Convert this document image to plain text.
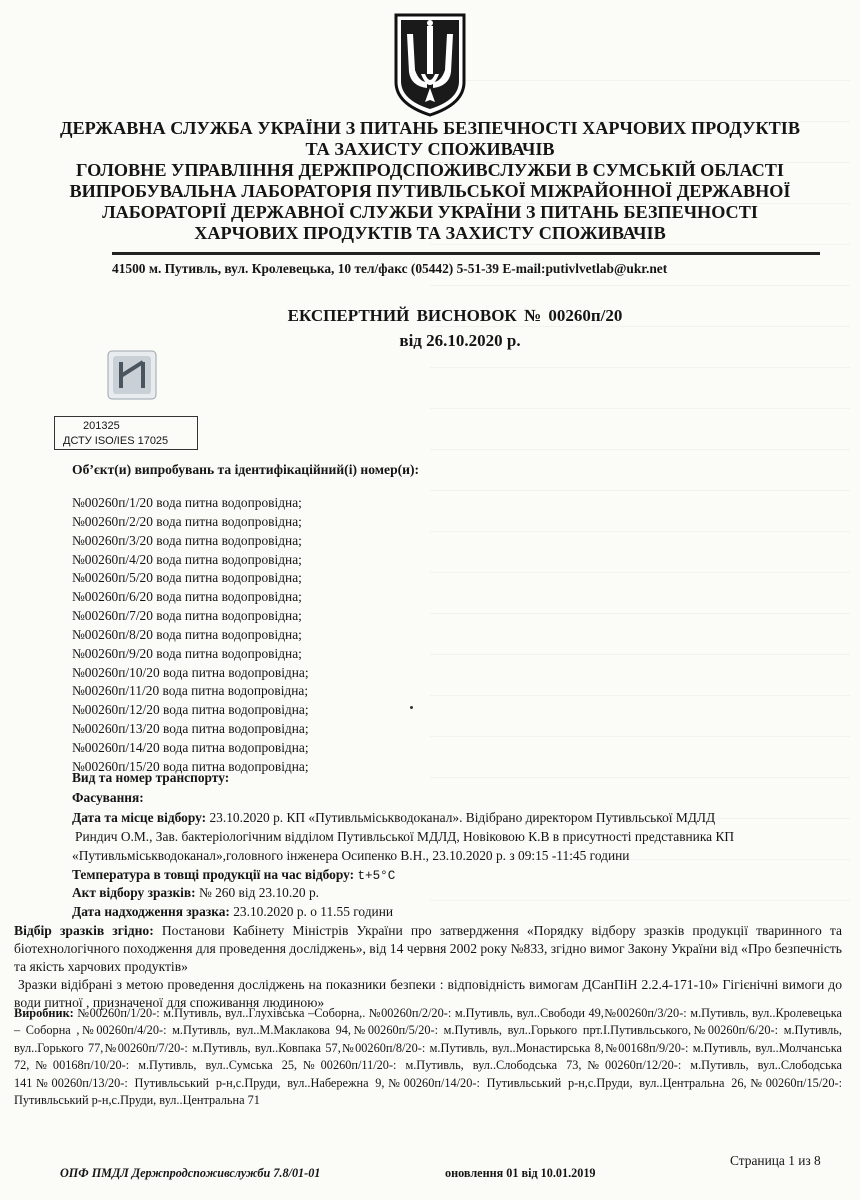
ДЕРЖАВНА СЛУЖБА УКРАЇНИ З ПИТАНЬ БЕЗПЕЧНОСТІ ХАРЧОВИХ ПРОДУКТІВ
ТА ЗАХИСТУ СПОЖИВАЧІВ
ГОЛОВНЕ УПРАВЛІННЯ ДЕРЖПРОДСПОЖИВСЛУЖБИ В СУМСЬКІЙ ОБЛАСТІ
ВИПРОБУВАЛЬНА ЛАБОРАТОРІЯ ПУТИВЛЬСЬКОЇ МІЖРАЙОННОЇ ДЕРЖАВНОЇ
ЛАБОРАТОРІЇ ДЕРЖАВНОЇ СЛУЖБИ УКРАЇНИ З ПИТАНЬ БЕЗПЕЧНОСТІ
ХАРЧОВИХ ПРОДУКТІВ ТА ЗАХИСТУ СПОЖИВАЧІВ
41500 м. Путивль, вул. Кролевецька, 10 тел/факс (05442) 5-51-39 E-mail:putivlvetlab@ukr.net
ЕКСПЕРТНИЙ ВИСНОВОК № 00260п/20
від 26.10.2020 р.
201325
ДСТУ ISO/IES 17025
Об’єкт(и) випробувань та ідентифікаційний(і) номер(и):
№00260п/1/20 вода питна водопровідна;
№00260п/2/20 вода питна водопровідна;
№00260п/3/20 вода питна водопровідна;
№00260п/4/20 вода питна водопровідна;
№00260п/5/20 вода питна водопровідна;
№00260п/6/20 вода питна водопровідна;
№00260п/7/20 вода питна водопровідна;
№00260п/8/20 вода питна водопровідна;
№00260п/9/20 вода питна водопровідна;
№00260п/10/20 вода питна водопровідна;
№00260п/11/20 вода питна водопровідна;
№00260п/12/20 вода питна водопровідна;
№00260п/13/20 вода питна водопровідна;
№00260п/14/20 вода питна водопровідна;
№00260п/15/20 вода питна водопровідна;
Вид та номер транспорту:
Фасування:
Дата та місце відбору: 23.10.2020 р. КП «Путивльміськводоканал». Відібрано директором Путивльської МДЛД
Риндич О.М., Зав. бактеріологічним відділом Путивльської МДЛД, Новіковою К.В в присутності представника КП
«Путивльміськводоканал»,головного інженера Осипенко В.Н., 23.10.2020 р. з 09:15 -11:45 години
Температура в товщі продукції на час відбору: t+5°C
Акт відбору зразків: № 260 від 23.10.20 р.
Дата надходження зразка: 23.10.2020 р. о 11.55 години
Відбір зразків згідно: Постанови Кабінету Міністрів України про затвердження «Порядку відбору зразків продукції тваринного та біотехнологічного походження для проведення досліджень», від 14 червня 2002 року №833, згідно вимог Закону України від «Про безпечність та якість харчових продуктів»
Зразки відібрані з метою проведення досліджень на показники безпеки : відповідність вимогам ДСанПіН 2.2.4-171-10» Гігієнічні вимоги до води питної , призначеної для споживання людиною»
Виробник: №00260п/1/20-: м.Путивль, вул..Глухівська –Соборна,. №00260п/2/20-: м.Путивль, вул..Свободи 49,№00260п/3/20-: м.Путивль, вул..Кролевецька – Соборна ,№00260п/4/20-: м.Путивль, вул..М.Маклакова 94,№00260п/5/20-: м.Путивль, вул..Горького прт.І.Путивльського,№00260п/6/20-: м.Путивль, вул..Горького 77,№00260п/7/20-: м.Путивль, вул..Ковпака 57,№00260п/8/20-: м.Путивль, вул..Монастирська 8,№00168п/9/20-: м.Путивль, вул..Молчанська 72,№00168п/10/20-: м.Путивль, вул..Сумська 25,№00260п/11/20-: м.Путивль, вул..Слободська 73,№00260п/12/20-: м.Путивль, вул..Слободська 141№00260п/13/20-: Путивльський р-н,с.Пруди, вул..Набережна 9,№00260п/14/20-: Путивльський р-н,с.Пруди, вул..Центральна 26,№00260п/15/20-: Путивльський р-н,с.Пруди, вул..Центральна 71
Страница 1 из 8
ОПФ ПМДЛ Держпродспоживслужби 7.8/01-01	оновлення 01 від 10.01.2019
